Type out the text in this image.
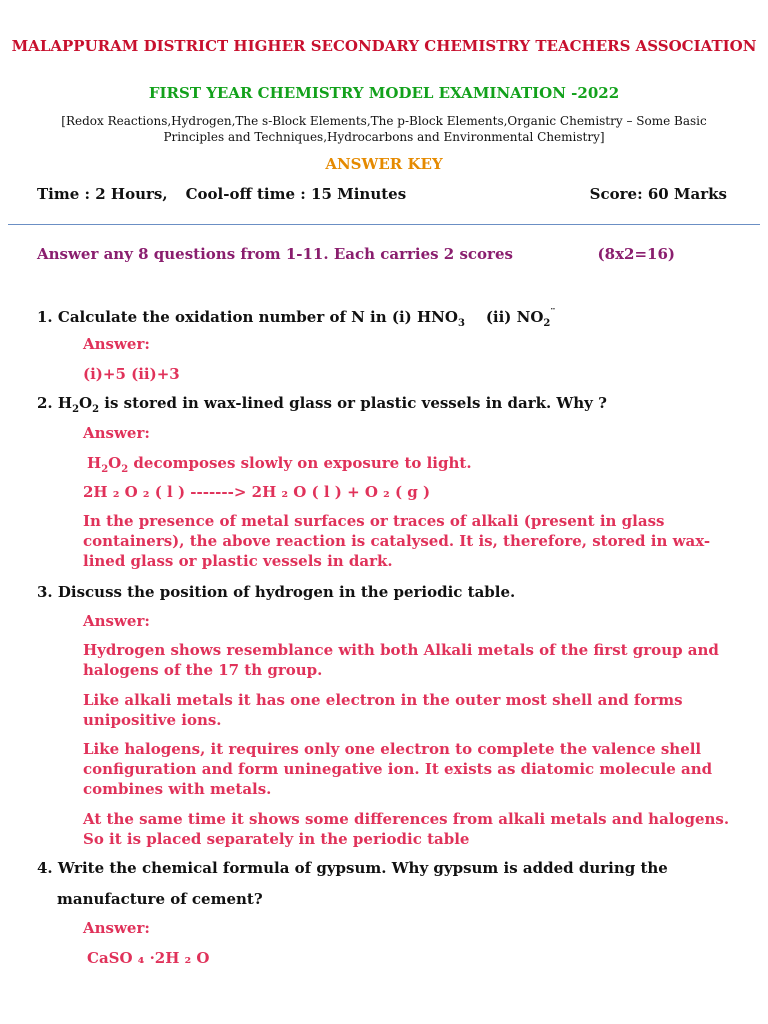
MALAPPURAM DISTRICT HIGHER SECONDARY CHEMISTRY TEACHERS ASSOCIATION
FIRST YEAR CHEMISTRY MODEL EXAMINATION -2022
[Redox Reactions,Hydrogen,The s-Block Elements,The p-Block Elements,Organic Chemistry – Some Basic Principles and Techniques,Hydrocarbons and Environmental Chemistry]
ANSWER KEY
Time : 2 Hours, Cool-off time : 15 Minutes	Score: 60 Marks
Answer any 8 questions from 1-11. Each carries 2 scores	(8x2=16)
1. Calculate the oxidation number of N in (i) $HNO_3$ (ii) $NO_2^¨$
Answer:
(i)+5 (ii)+3
2. $H_2O_2$ is stored in wax-lined glass or plastic vessels in dark. Why ?
Answer:
$H_2O_2$ decomposes slowly on exposure to light.
2H ₂ O ₂ ( l ) -------> 2H ₂ O ( l ) + O ₂ ( g )
In the presence of metal surfaces or traces of alkali (present in glass containers), the above reaction is catalysed. It is, therefore, stored in wax-lined glass or plastic vessels in dark.
3. Discuss the position of hydrogen in the periodic table.
Answer:
Hydrogen shows resemblance with both Alkali metals of the first group and halogens of the 17 th group.
Like alkali metals it has one electron in the outer most shell and forms unipositive ions.
Like halogens, it requires only one electron to complete the valence shell configuration and form uninegative ion. It exists as diatomic molecule and combines with metals.
At the same time it shows some differences from alkali metals and halogens. So it is placed separately in the periodic table
4. Write the chemical formula of gypsum. Why gypsum is added during the
manufacture of cement?
Answer:
CaSO ₄ ·2H ₂ O
